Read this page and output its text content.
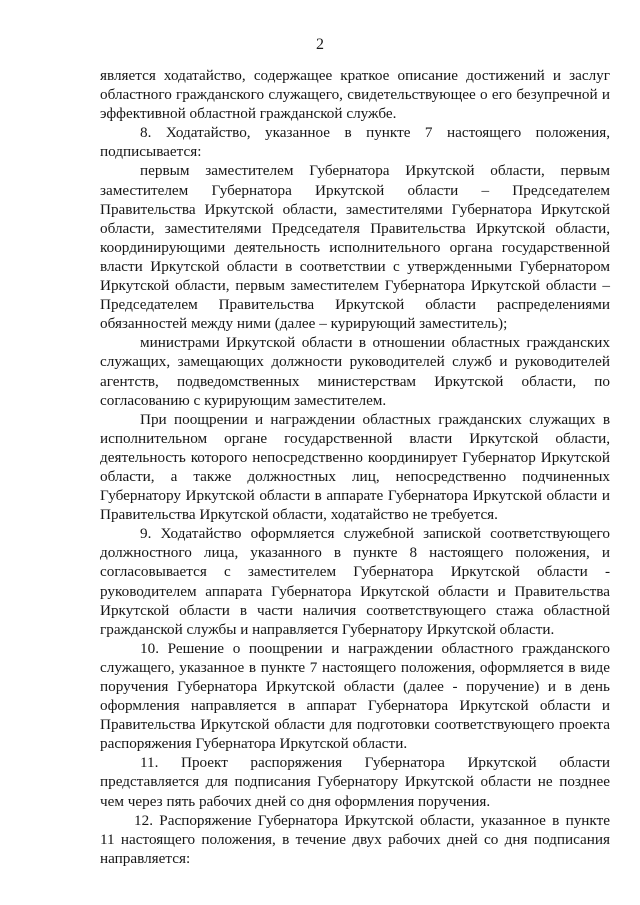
2

является ходатайство, содержащее краткое описание достижений и заслуг областного гражданского служащего, свидетельствующее о его безупречной и эффективной областной гражданской службе.

8. Ходатайство, указанное в пункте 7 настоящего положения, подписывается:

первым заместителем Губернатора Иркутской области, первым заместителем Губернатора Иркутской области – Председателем Правительства Иркутской области, заместителями Губернатора Иркутской области, заместителями Председателя Правительства Иркутской области, координирующими деятельность исполнительного органа государственной власти Иркутской области в соответствии с утвержденными Губернатором Иркутской области, первым заместителем Губернатора Иркутской области – Председателем Правительства Иркутской области распределениями обязанностей между ними (далее – курирующий заместитель);

министрами Иркутской области в отношении областных гражданских служащих, замещающих должности руководителей служб и руководителей агентств, подведомственных министерствам Иркутской области, по согласованию с курирующим заместителем.

При поощрении и награждении областных гражданских служащих в исполнительном органе государственной власти Иркутской области, деятельность которого непосредственно координирует Губернатор Иркутской области, а также должностных лиц, непосредственно подчиненных Губернатору Иркутской области в аппарате Губернатора Иркутской области и Правительства Иркутской области, ходатайство не требуется.

9. Ходатайство оформляется служебной запиской соответствующего должностного лица, указанного в пункте 8 настоящего положения, и согласовывается с заместителем Губернатора Иркутской области - руководителем аппарата Губернатора Иркутской области и Правительства Иркутской области в части наличия соответствующего стажа областной гражданской службы и направляется Губернатору Иркутской области.

10. Решение о поощрении и награждении областного гражданского служащего, указанное в пункте 7 настоящего положения, оформляется в виде поручения Губернатора Иркутской области (далее - поручение) и в день оформления направляется в аппарат Губернатора Иркутской области и Правительства Иркутской области для подготовки соответствующего проекта распоряжения Губернатора Иркутской области.

11. Проект распоряжения Губернатора Иркутской области представляется для подписания Губернатору Иркутской области не позднее чем через пять рабочих дней со дня оформления поручения.

12. Распоряжение Губернатора Иркутской области, указанное в пункте 11 настоящего положения, в течение двух рабочих дней со дня подписания направляется:
